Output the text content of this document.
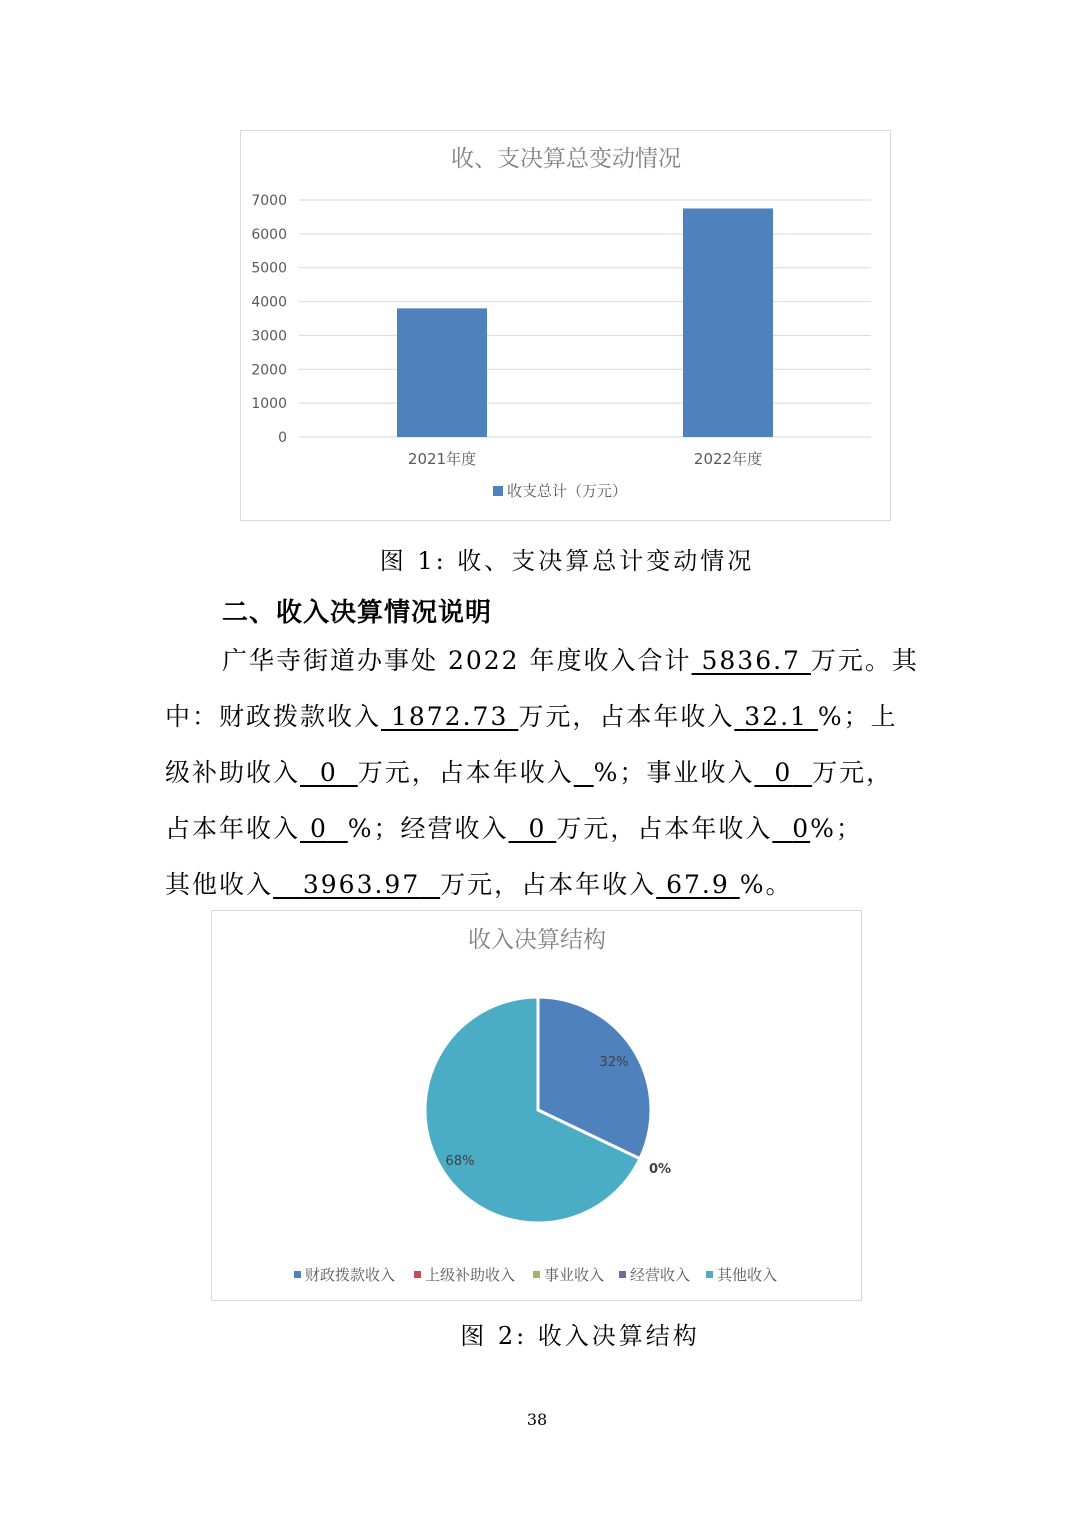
收、支决算总变动情况
0
1000
2000
3000
4000
5000
6000
7000
2021年度	2022年度
收支总计（万元）
图 1: 收、支决算总计变动情况
二、收入决算情况说明
广华寺街道办事处 2022 年度收入合计 5836.7 万元。其
中：财政拨款收入 1872.73 万元，占本年收入 32.1 %；上
级补助收入 0 万元，占本年收入 %；事业收入 0 万元，
占本年收入 0 %；经营收入 0 万元，占本年收入 0%；
其他收入 3963.97 万元，占本年收入 67.9 %。
收入决算结构
32%
68%
0%
财政拨款收入 上级补助收入 事业收入 经营收入 其他收入
图 2: 收入决算结构
38
